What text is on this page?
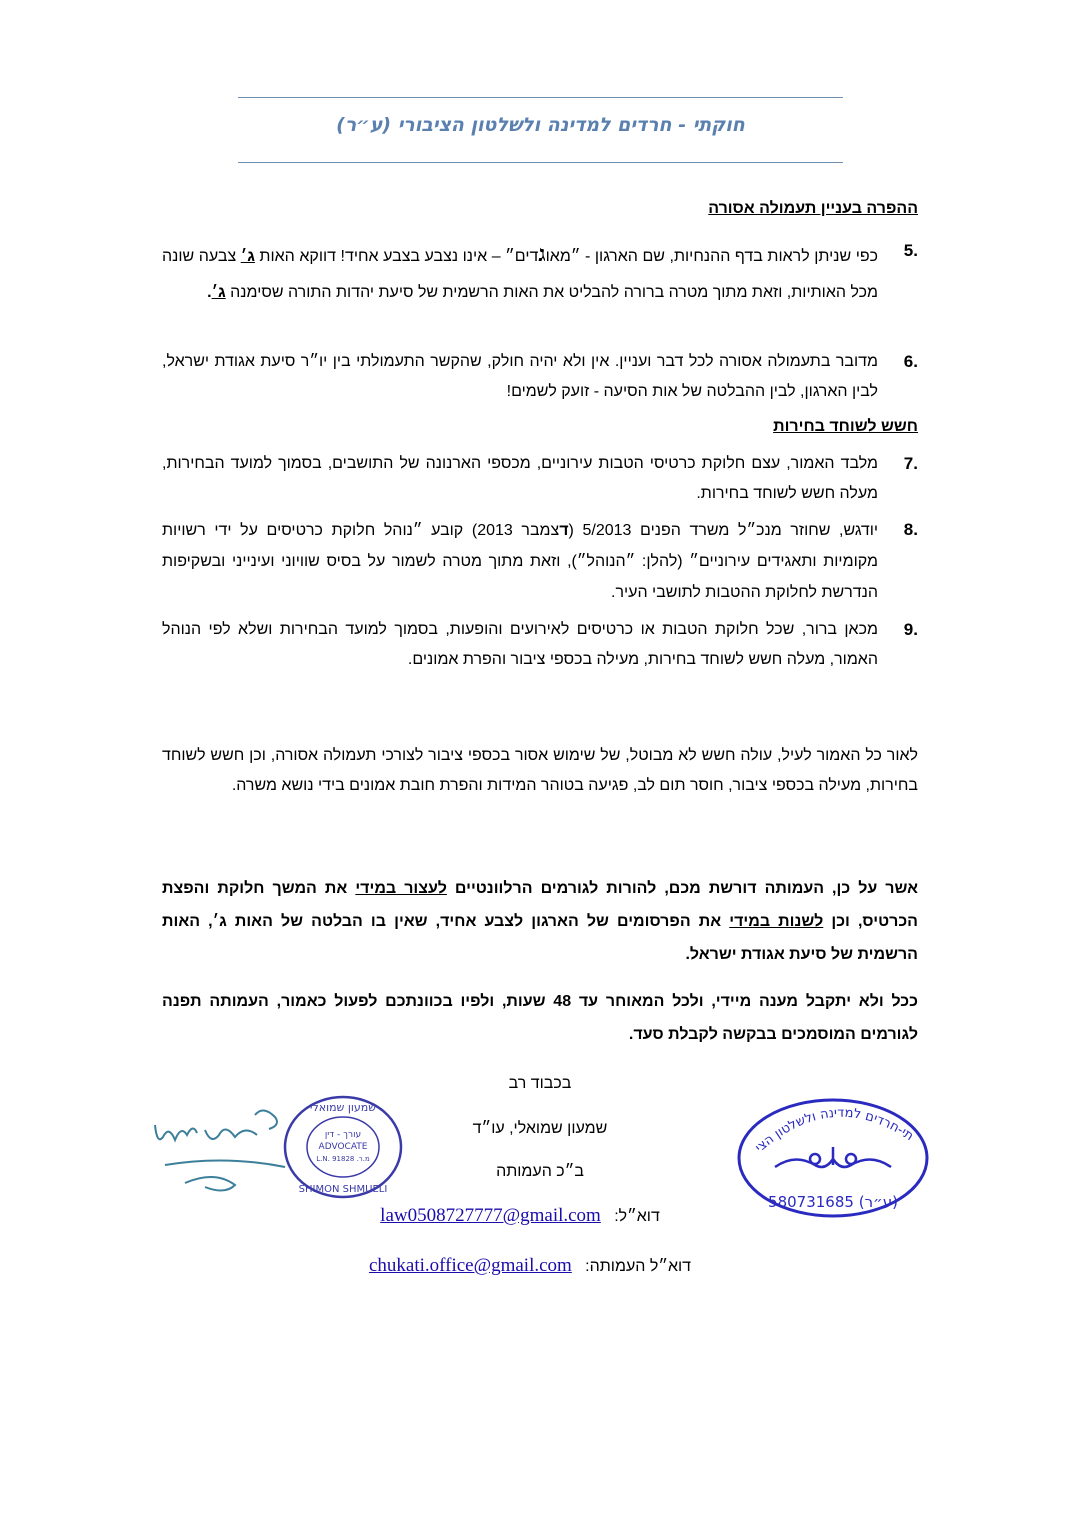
חוקתי - חרדים למדינה ולשלטון הציבורי (ע״ר)
ההפרה בעניין תעמולה אסורה
.5
כפי שניתן לראות בדף ההנחיות, שם הארגון - ״מאוגדים״ – אינו נצבע בצבע אחיד! דווקא האות ג׳ צבעה שונה מכל האותיות, וזאת מתוך מטרה ברורה להבליט את האות הרשמית של סיעת יהדות התורה שסימנה ג׳.
.6
מדובר בתעמולה אסורה לכל דבר ועניין. אין ולא יהיה חולק, שהקשר התעמולתי בין יו״ר סיעת אגודת ישראל, לבין הארגון, לבין ההבלטה של אות הסיעה - זועק לשמים!
חשש לשוחד בחירות
.7
מלבד האמור, עצם חלוקת כרטיסי הטבות עירוניים, מכספי הארנונה של התושבים, בסמוך למועד הבחירות, מעלה חשש לשוחד בחירות.
.8
יודגש, שחוזר מנכ״ל משרד הפנים 5/2013 (דצמבר 2013) קובע ״נוהל חלוקת כרטיסים על ידי רשויות מקומיות ותאגידים עירוניים״ (להלן: ״הנוהל״), וזאת מתוך מטרה לשמור על בסיס שוויוני ועינייני ובשקיפות הנדרשת לחלוקת ההטבות לתושבי העיר.
.9
מכאן ברור, שכל חלוקת הטבות או כרטיסים לאירועים והופעות, בסמוך למועד הבחירות ושלא לפי הנוהל האמור, מעלה חשש לשוחד בחירות, מעילה בכספי ציבור והפרת אמונים.
לאור כל האמור לעיל, עולה חשש לא מבוטל, של שימוש אסור בכספי ציבור לצורכי תעמולה אסורה, וכן חשש לשוחד בחירות, מעילה בכספי ציבור, חוסר תום לב, פגיעה בטוהר המידות והפרת חובת אמונים בידי נושא משרה.
אשר על כן, העמותה דורשת מכם, להורות לגורמים הרלוונטיים לעצור במידי את המשך חלוקת והפצת הכרטיס, וכן לשנות במידי את הפרסומים של הארגון לצבע אחיד, שאין בו הבלטה של האות ג׳, האות הרשמית של סיעת אגודת ישראל.
ככל ולא יתקבל מענה מיידי, ולכל המאוחר עד 48 שעות, ולפיו בכוונתכם לפעול כאמור, העמותה תפנה לגורמים המוסמכים בבקשה לקבלת סעד.
בכבוד רב
שמעון שמואלי, עו״ד
ב״כ העמותה
דוא״ל:   law0508727777@gmail.com
דוא״ל העמותה:   chukati.office@gmail.com
תי-חרדים למדינה ולשלטון הצי
580731685 (ע״ר)
שמעון שמואלי
עורך - דין
ADVOCATE
L.N. 91828 .מ.ר
SHIMON SHMUELI
